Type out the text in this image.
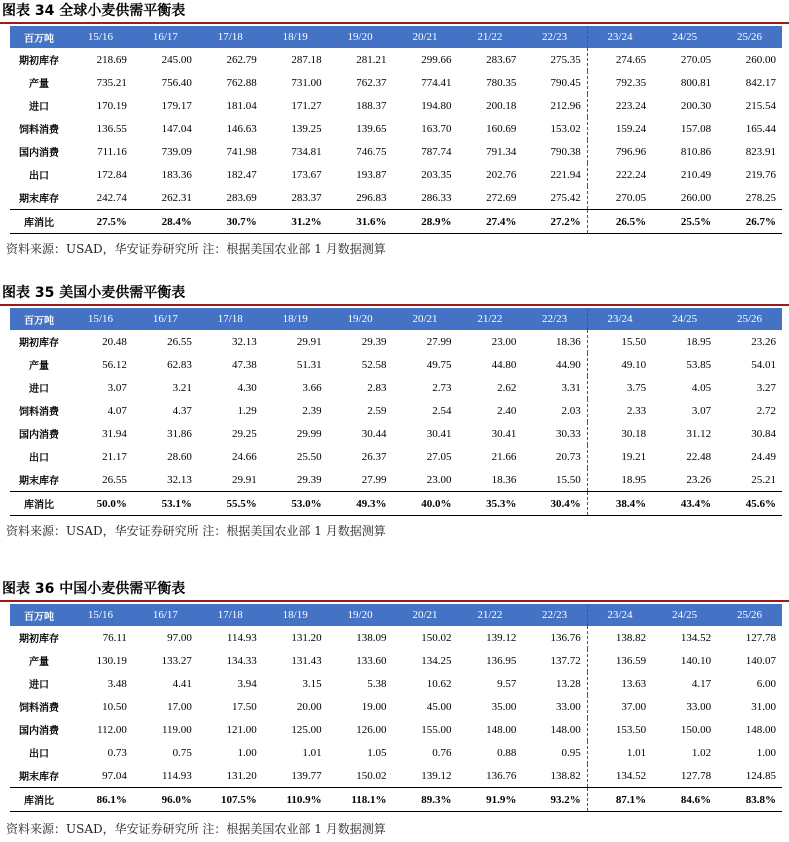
图表 34 全球小麦供需平衡表
百万吨	15/16	16/17	17/18	18/19	19/20	20/21	21/22	22/23	23/24	24/25	25/26
期初库存	218.69	245.00	262.79	287.18	281.21	299.66	283.67	275.35	274.65	270.05	260.00
产量	735.21	756.40	762.88	731.00	762.37	774.41	780.35	790.45	792.35	800.81	842.17
进口	170.19	179.17	181.04	171.27	188.37	194.80	200.18	212.96	223.24	200.30	215.54
饲料消费	136.55	147.04	146.63	139.25	139.65	163.70	160.69	153.02	159.24	157.08	165.44
国内消费	711.16	739.09	741.98	734.81	746.75	787.74	791.34	790.38	796.96	810.86	823.91
出口	172.84	183.36	182.47	173.67	193.87	203.35	202.76	221.94	222.24	210.49	219.76
期末库存	242.74	262.31	283.69	283.37	296.83	286.33	272.69	275.42	270.05	260.00	278.25
库消比	27.5%	28.4%	30.7%	31.2%	31.6%	28.9%	27.4%	27.2%	26.5%	25.5%	26.7%
资料来源：USAD，华安证券研究所 注：根据美国农业部 1 月数据测算
图表 35 美国小麦供需平衡表
百万吨	15/16	16/17	17/18	18/19	19/20	20/21	21/22	22/23	23/24	24/25	25/26
期初库存	20.48	26.55	32.13	29.91	29.39	27.99	23.00	18.36	15.50	18.95	23.26
产量	56.12	62.83	47.38	51.31	52.58	49.75	44.80	44.90	49.10	53.85	54.01
进口	3.07	3.21	4.30	3.66	2.83	2.73	2.62	3.31	3.75	4.05	3.27
饲料消费	4.07	4.37	1.29	2.39	2.59	2.54	2.40	2.03	2.33	3.07	2.72
国内消费	31.94	31.86	29.25	29.99	30.44	30.41	30.41	30.33	30.18	31.12	30.84
出口	21.17	28.60	24.66	25.50	26.37	27.05	21.66	20.73	19.21	22.48	24.49
期末库存	26.55	32.13	29.91	29.39	27.99	23.00	18.36	15.50	18.95	23.26	25.21
库消比	50.0%	53.1%	55.5%	53.0%	49.3%	40.0%	35.3%	30.4%	38.4%	43.4%	45.6%
资料来源：USAD，华安证券研究所 注：根据美国农业部 1 月数据测算
图表 36 中国小麦供需平衡表
百万吨	15/16	16/17	17/18	18/19	19/20	20/21	21/22	22/23	23/24	24/25	25/26
期初库存	76.11	97.00	114.93	131.20	138.09	150.02	139.12	136.76	138.82	134.52	127.78
产量	130.19	133.27	134.33	131.43	133.60	134.25	136.95	137.72	136.59	140.10	140.07
进口	3.48	4.41	3.94	3.15	5.38	10.62	9.57	13.28	13.63	4.17	6.00
饲料消费	10.50	17.00	17.50	20.00	19.00	45.00	35.00	33.00	37.00	33.00	31.00
国内消费	112.00	119.00	121.00	125.00	126.00	155.00	148.00	148.00	153.50	150.00	148.00
出口	0.73	0.75	1.00	1.01	1.05	0.76	0.88	0.95	1.01	1.02	1.00
期末库存	97.04	114.93	131.20	139.77	150.02	139.12	136.76	138.82	134.52	127.78	124.85
库消比	86.1%	96.0%	107.5%	110.9%	118.1%	89.3%	91.9%	93.2%	87.1%	84.6%	83.8%
资料来源：USAD，华安证券研究所 注：根据美国农业部 1 月数据测算
